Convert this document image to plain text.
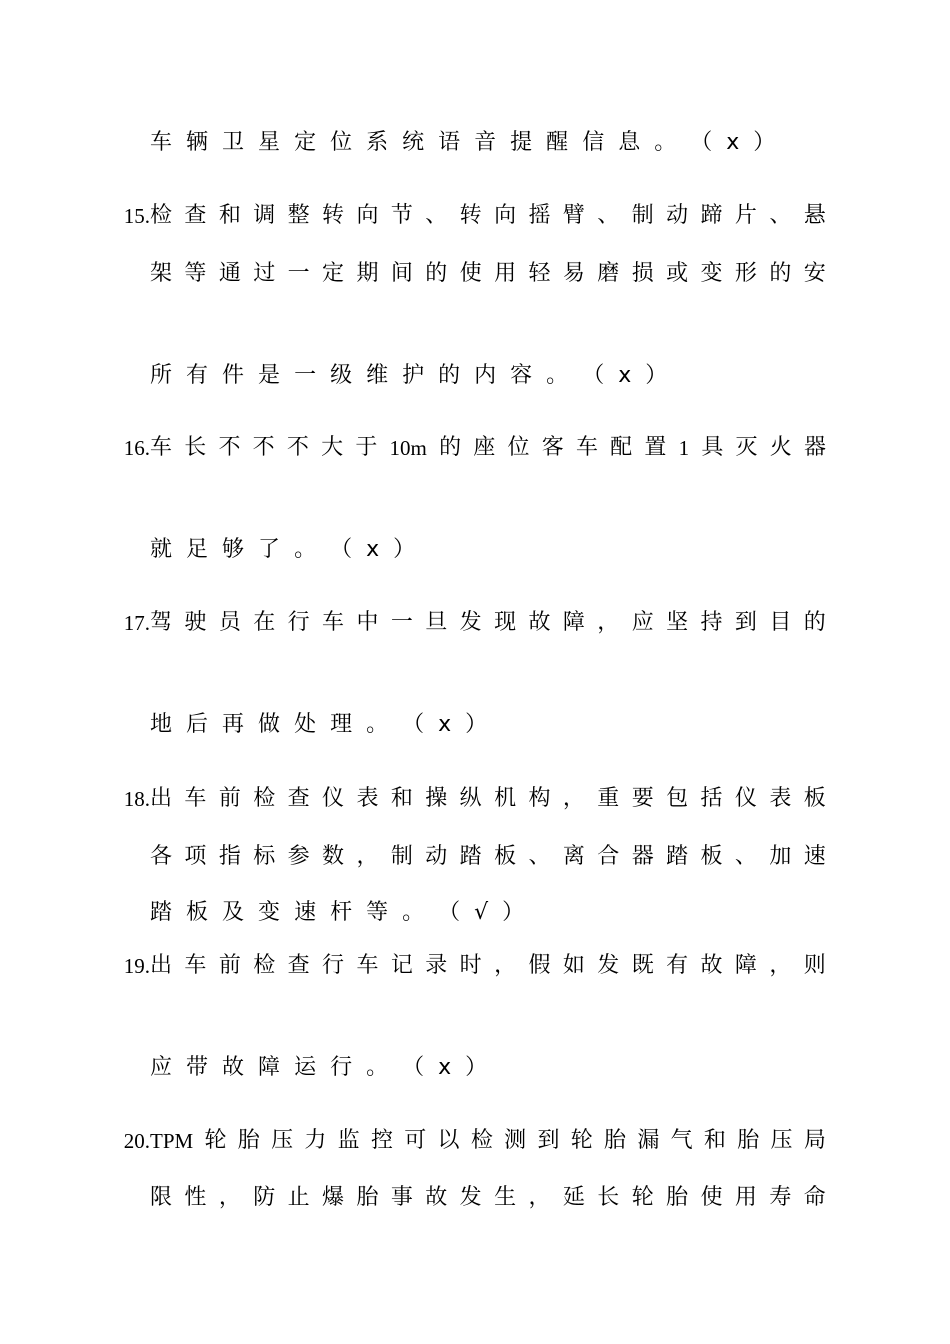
15.
16.
17.
18.
19.
20.
车 辆 卫 星 定 位 系 统 语 音 提 醒 信 息 。 （ x ）
检 查 和 调 整 转 向 节 、 转 向 摇 臂 、 制 动 蹄 片 、 悬
架 等 通 过 一 定 期 间 的 使 用 轻 易 磨 损 或 变 形 的 安
所 有 件 是 一 级 维 护 的 内 容 。 （ x ）
车 长 不 不 不 大 于 10m 的 座 位 客 车 配 置 1 具 灭 火 器
就 足 够 了 。 （ x ）
驾 驶 员 在 行 车 中 一 旦 发 现 故 障 ， 应 坚 持 到 目 的
地 后 再 做 处 理 。 （ x ）
出 车 前 检 查 仪 表 和 操 纵 机 构 ， 重 要 包 括 仪 表 板
各 项 指 标 参 数 ， 制 动 踏 板 、 离 合 器 踏 板 、 加 速
踏 板 及 变 速 杆 等 。 （ √ ）
出 车 前 检 查 行 车 记 录 时 ， 假 如 发 既 有 故 障 ， 则
应 带 故 障 运 行 。 （ x ）
TPM 轮 胎 压 力 监 控 可 以 检 测 到 轮 胎 漏 气 和 胎 压 局
限 性 ， 防 止 爆 胎 事 故 发 生 ， 延 长 轮 胎 使 用 寿 命
